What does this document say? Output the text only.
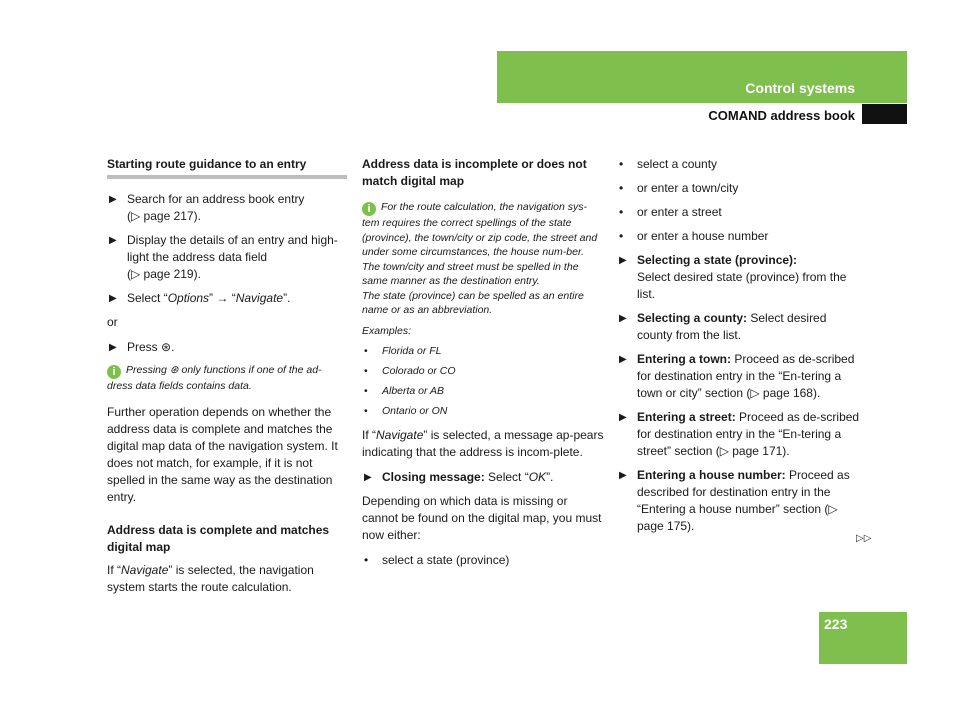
Control systems
COMAND address book
Starting route guidance to an entry
▶ Search for an address book entry
(▷ page 217).
▶ Display the details of an entry and high-light the address data field
(▷ page 219).
▶ Select “Options” → “Navigate”.

or

▶ Press ⊛.
i Pressing ⊛ only functions if one of the ad-dress data fields contains data.

Further operation depends on whether the address data is complete and matches the digital map data of the navigation system. It does not match, for example, if it is not spelled in the same way as the destination entry.

Address data is complete and matches digital map

If “Navigate” is selected, the navigation system starts the route calculation.

Address data is incomplete or does not match digital map
i For the route calculation, the navigation sys-tem requires the correct spellings of the state (province), the town/city or zip code, the street and under some circumstances, the house num-ber. The town/city and street must be spelled in the same manner as the destination entry.
The state (province) can be spelled as an entire name or as an abbreviation.
Examples:
• Florida or FL
• Colorado or CO
• Alberta or AB
• Ontario or ON

If “Navigate” is selected, a message ap-pears indicating that the address is incom-plete.

▶ Closing message: Select “OK”.

Depending on which data is missing or cannot be found on the digital map, you must now either:

• select a state (province)
• select a county
• or enter a town/city
• or enter a street
• or enter a house number
▶ Selecting a state (province):
Select desired state (province) from the list.
▶ Selecting a county: Select desired county from the list.
▶ Entering a town: Proceed as de-scribed for destination entry in the “En-tering a town or city” section (▷ page 168).
▶ Entering a street: Proceed as de-scribed for destination entry in the “En-tering a street” section (▷ page 171).
▶ Entering a house number: Proceed as described for destination entry in the “Entering a house number” section (▷ page 175).
▷▷
223
